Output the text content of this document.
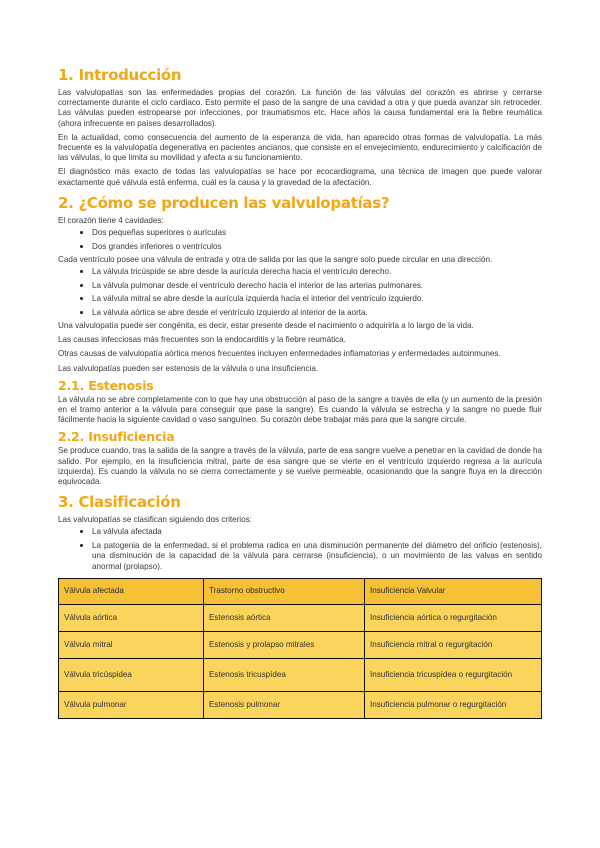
1. Introducción

Las valvulopatías son las enfermedades propias del corazón. La función de las válvulas del corazón es abrirse y cerrarse correctamente durante el ciclo cardiaco. Esto permite el paso de la sangre de una cavidad a otra y que pueda avanzar sin retroceder. Las válvulas pueden estropearse por infecciones, por traumatismos etc. Hace años la causa fundamental era la fiebre reumática (ahora infrecuente en países desarrollados).

En la actualidad, como consecuencia del aumento de la esperanza de vida, han aparecido otras formas de valvulopatía. La más frecuente es la valvulopatía degenerativa en pacientes ancianos, que consiste en el envejecimiento, endurecimiento y calcificación de las válvulas, lo que limita su movilidad y afecta a su funcionamiento.

El diagnóstico más exacto de todas las valvulopatías se hace por ecocardiograma, una técnica de imagen que puede valorar exactamente qué válvula está enferma, cuál es la causa y la gravedad de la afectación.

2. ¿Cómo se producen las valvulopatías?

El corazón tiene 4 cavidades:

• Dos pequeñas superiores o aurículas
• Dos grandes inferiores o ventrículos

Cada ventrículo posee una válvula de entrada y otra de salida por las que la sangre solo puede circular en una dirección.

• La válvula tricúspide se abre desde la aurícula derecha hacia el ventrículo derecho.
• La válvula pulmonar desde el ventrículo derecho hacia el interior de las arterias pulmonares.
• La válvula mitral se abre desde la aurícula izquierda hacia el interior del ventrículo izquierdo.
• La válvula aórtica se abre desde el ventrículo izquierdo al interior de la aorta.

Una valvulopatía puede ser congénita, es decir, estar presente desde el nacimiento o adquirirla a lo largo de la vida.

Las causas infecciosas más frecuentes son la endocarditis y la fiebre reumática.

Otras causas de valvulopatía aórtica menos frecuentes incluyen enfermedades inflamatorias y enfermedades autoinmunes.

Las valvulopatías pueden ser estenosis de la válvula o una insuficiencia.

2.1. Estenosis

La válvula no se abre completamente con lo que hay una obstrucción al paso de la sangre a través de ella (y un aumento de la presión en el tramo anterior a la válvula para conseguir que pase la sangre). Es cuando la válvula se estrecha y la sangre no puede fluir fácilmente hacia la siguiente cavidad o vaso sanguíneo. Su corazón debe trabajar más para que la sangre circule.

2.2. Insuficiencia

Se produce cuando, tras la salida de la sangre a través de la válvula, parte de esa sangre vuelve a penetrar en la cavidad de donde ha salido. Por ejemplo, en la insuficiencia mitral, parte de esa sangre que se vierte en el ventrículo izquierdo regresa a la aurícula izquierda). Es cuando la válvula no se cierra correctamente y se vuelve permeable, ocasionando que la sangre fluya en la dirección equivocada.

3. Clasificación

Las valvulopatías se clasifican siguiendo dos criterios:

• La válvula afectada
• La patogenia de la enfermedad, si el problema radica en una disminución permanente del diámetro del orificio (estenosis), una disminución de la capacidad de la válvula para cerrarse (insuficiencia), o un movimiento de las valvas en sentido anormal (prolapso).
Válvula afectada	Trastorno obstructivo	Insuficiencia Valvular
Válvula aórtica	Estenosis aórtica	Insuficiencia aórtica o regurgitación
Válvula mitral	Estenosis y prolapso mitrales	Insuficiencia mitral o regurgitación
Válvula tricúspidea	Estenosis tricuspídea	Insuficiencia tricuspídea o regurgitación
Válvula pulmonar	Estenosis pulmonar	Insuficiencia pulmonar o regurgitación
